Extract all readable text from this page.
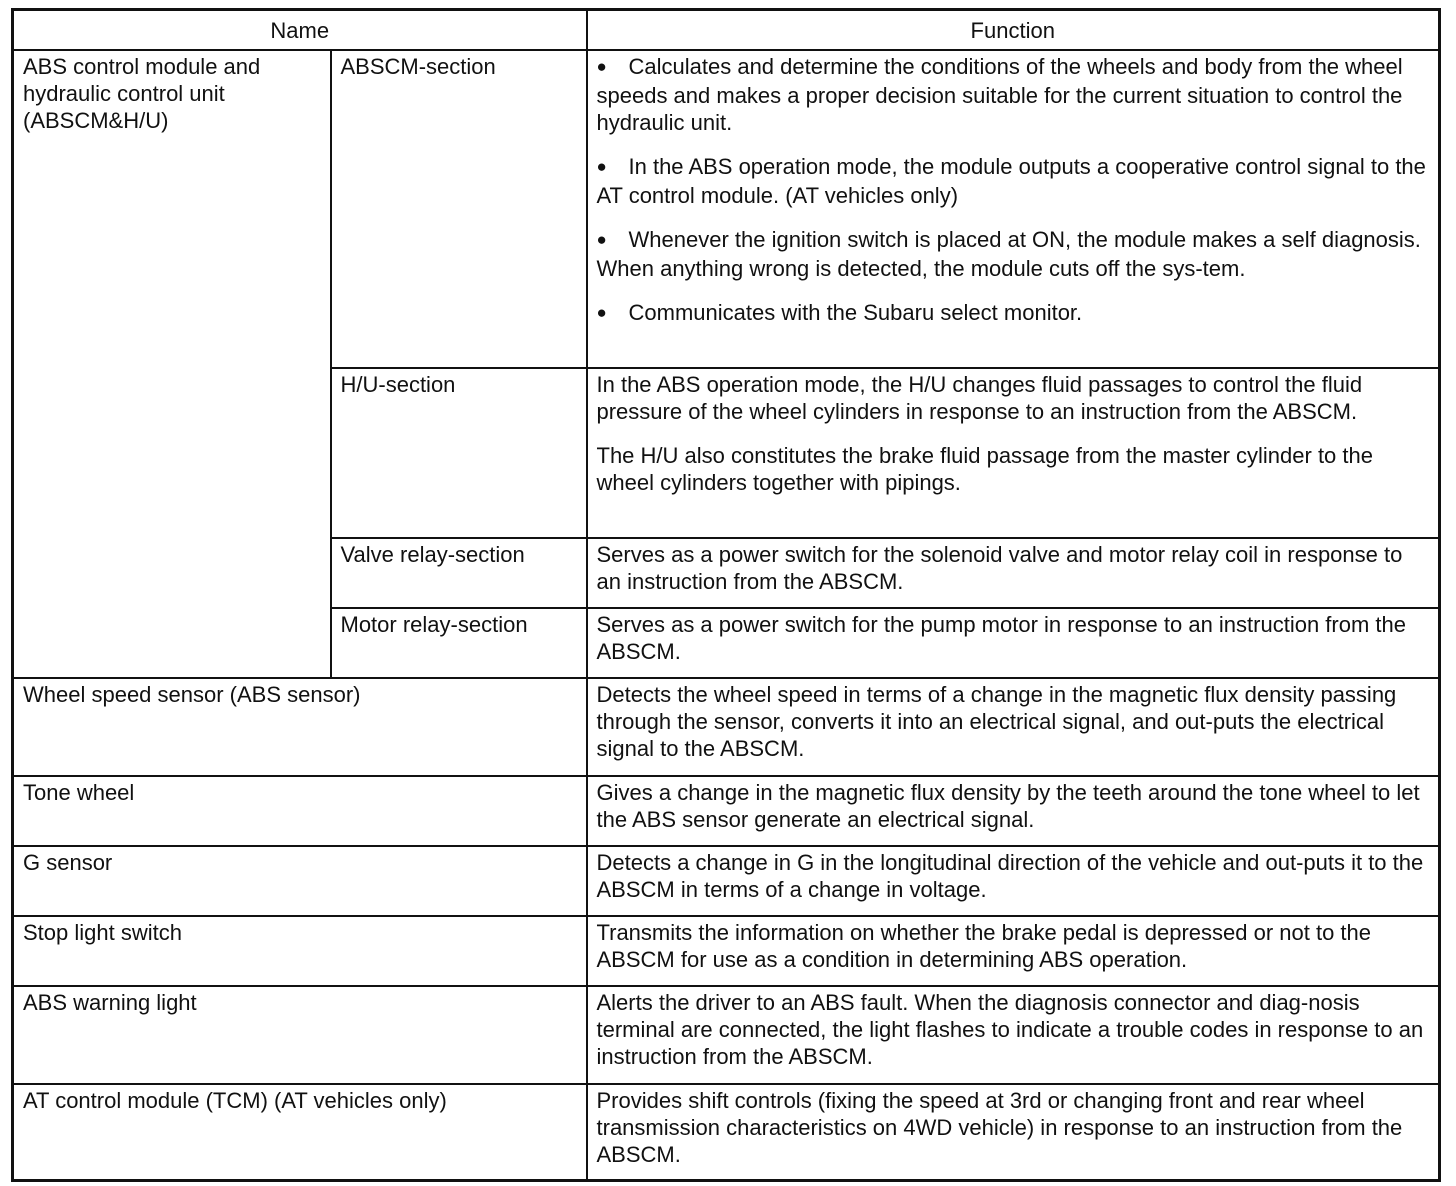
Name		Function
ABS control module and hydraulic control unit (ABSCM&H/U)	ABSCM-section	

●Calculates and determine the conditions of the wheels and body from the wheel speeds and makes a proper decision suitable for the current situation to control the hydraulic unit.

●In the ABS operation mode, the module outputs a cooperative control signal to the AT control module. (AT vehicles only)

●Whenever the ignition switch is placed at ON, the module makes a self diagnosis. When anything wrong is detected, the module cuts off the sys-tem.

●Communicates with the Subaru select monitor.

	H/U-section	In the ABS operation mode, the H/U changes fluid passages to control the fluid pressure of the wheel cylinders in response to an instruction from the ABSCM.

The H/U also constitutes the brake fluid passage from the master cylinder to the wheel cylinders together with pipings.

	Valve relay-section	Serves as a power switch for the solenoid valve and motor relay coil in response to an instruction from the ABSCM.
	Motor relay-section	Serves as a power switch for the pump motor in response to an instruction from the ABSCM.
Wheel speed sensor (ABS sensor)		Detects the wheel speed in terms of a change in the magnetic flux density passing through the sensor, converts it into an electrical signal, and out-puts the electrical signal to the ABSCM.
Tone wheel		Gives a change in the magnetic flux density by the teeth around the tone wheel to let the ABS sensor generate an electrical signal.
G sensor		Detects a change in G in the longitudinal direction of the vehicle and out-puts it to the ABSCM in terms of a change in voltage.
Stop light switch		Transmits the information on whether the brake pedal is depressed or not to the ABSCM for use as a condition in determining ABS operation.
ABS warning light		Alerts the driver to an ABS fault. When the diagnosis connector and diag-nosis terminal are connected, the light flashes to indicate a trouble codes in response to an instruction from the ABSCM.
AT control module (TCM) (AT vehicles only)		Provides shift controls (fixing the speed at 3rd or changing front and rear wheel transmission characteristics on 4WD vehicle) in response to an instruction from the ABSCM.
